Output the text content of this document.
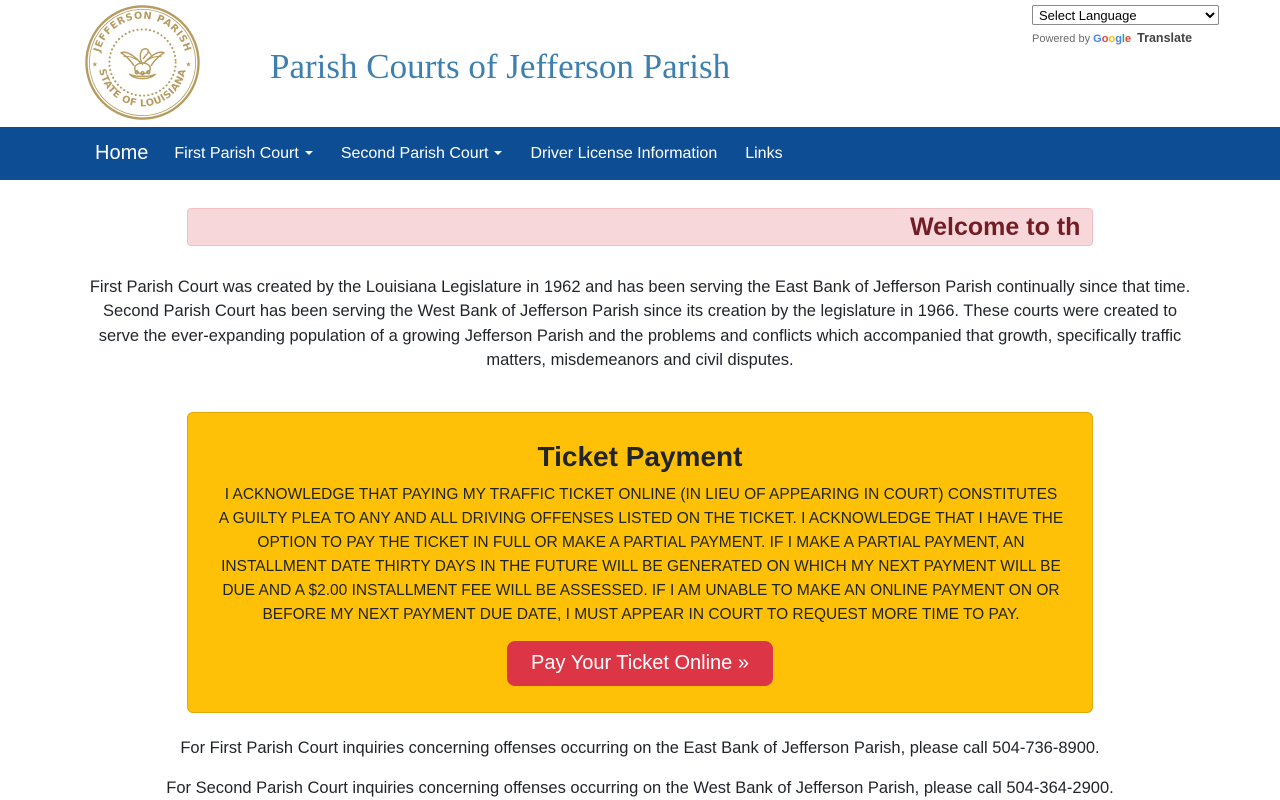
JEFFERSON PARISH
STATE OF LOUISIANA
★	★ Parish Courts of Jefferson Parish
Select Language
Powered by Google Translate
Home First Parish Court	Second Parish Court	Driver License Information Links
Welcome to th

First Parish Court was created by the Louisiana Legislature in 1962 and has been serving the East Bank of Jefferson Parish continually since that time. Second Parish Court has been serving the West Bank of Jefferson Parish since its creation by the legislature in 1966. These courts were created to serve the ever-expanding population of a growing Jefferson Parish and the problems and conflicts which accompanied that growth, specifically traffic matters, misdemeanors and civil disputes.

Ticket Payment

I ACKNOWLEDGE THAT PAYING MY TRAFFIC TICKET ONLINE (IN LIEU OF APPEARING IN COURT) CONSTITUTES A GUILTY PLEA TO ANY AND ALL DRIVING OFFENSES LISTED ON THE TICKET. I ACKNOWLEDGE THAT I HAVE THE OPTION TO PAY THE TICKET IN FULL OR MAKE A PARTIAL PAYMENT. IF I MAKE A PARTIAL PAYMENT, AN INSTALLMENT DATE THIRTY DAYS IN THE FUTURE WILL BE GENERATED ON WHICH MY NEXT PAYMENT WILL BE DUE AND A $2.00 INSTALLMENT FEE WILL BE ASSESSED. IF I AM UNABLE TO MAKE AN ONLINE PAYMENT ON OR BEFORE MY NEXT PAYMENT DUE DATE, I MUST APPEAR IN COURT TO REQUEST MORE TIME TO PAY.

Pay Your Ticket Online »

For First Parish Court inquiries concerning offenses occurring on the East Bank of Jefferson Parish, please call 504-736-8900.

For Second Parish Court inquiries concerning offenses occurring on the West Bank of Jefferson Parish, please call 504-364-2900.
